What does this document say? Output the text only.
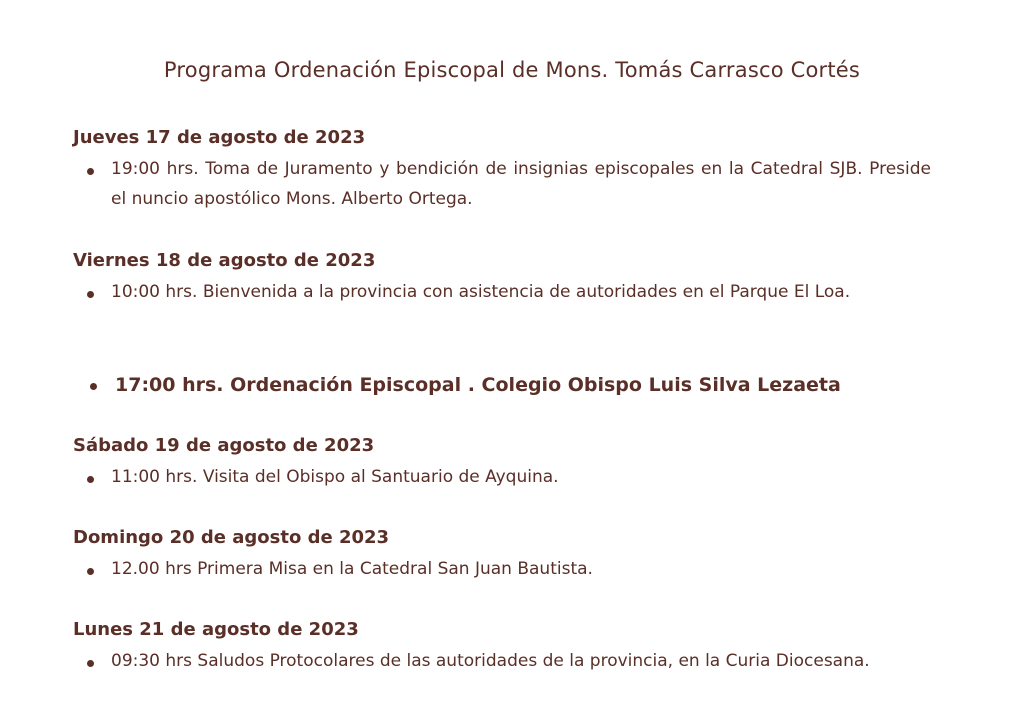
Programa Ordenación Episcopal de Mons. Tomás Carrasco Cortés
Jueves 17 de agosto de 2023
19:00 hrs. Toma de Juramento y bendición de insignias episcopales en la Catedral SJB. Preside el nuncio apostólico Mons. Alberto Ortega.
Viernes 18 de agosto de 2023
10:00 hrs. Bienvenida a la provincia con asistencia de autoridades en el Parque El Loa.
17:00 hrs. Ordenación Episcopal . Colegio Obispo Luis Silva Lezaeta
Sábado 19 de agosto de 2023
11:00 hrs. Visita del Obispo al Santuario de Ayquina.
Domingo 20 de agosto de 2023
12.00 hrs Primera Misa en la Catedral San Juan Bautista.
Lunes 21 de agosto de 2023
09:30 hrs Saludos Protocolares de las autoridades de la provincia, en la Curia Diocesana.
